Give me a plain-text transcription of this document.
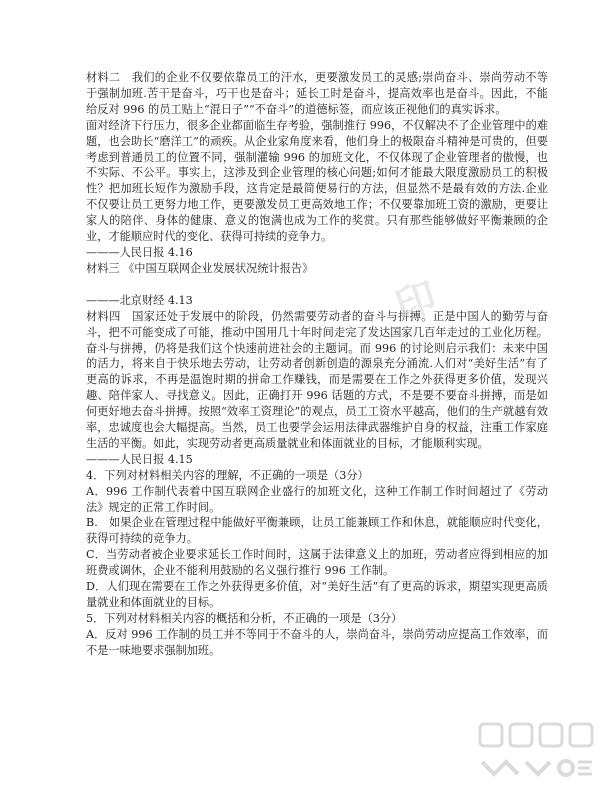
材料二　我们的企业不仅要依靠员工的汗水，更要激发员工的灵感;崇尚奋斗、崇尚劳动不等于强制加班.苦干是奋斗，巧干也是奋斗；延长工时是奋斗，提高效率也是奋斗。因此，不能给反对 996 的员工贴上“混日子”“不奋斗”的道德标签，而应该正视他们的真实诉求。

面对经济下行压力，很多企业都面临生存考验，强制推行 996，不仅解决不了企业管理中的难题，也会助长“磨洋工”的顽疾。从企业家角度来看，他们身上的极限奋斗精神是可贵的，但要考虑到普通员工的位置不同，强制灌输 996 的加班文化，不仅体现了企业管理者的傲慢，也不实际、不公平。事实上，这涉及到企业管理的核心问题;如何才能最大限度激励员工的积极性？把加班长短作为激励手段，这肯定是最简便易行的方法，但显然不是最有效的方法.企业不仅要让员工更努力地工作，更要激发员工更高效地工作；不仅要靠加班工资的激励，更要让家人的陪伴、身体的健康、意义的饱满也成为工作的奖赏。只有那些能够做好平衡兼顾的企业，才能顺应时代的变化、获得可持续的竞争力。

———人民日报 4.16

材料三 《中国互联网企业发展状况统计报告》

———北京财经 4.13

材料四　国家还处于发展中的阶段，仍然需要劳动者的奋斗与拼搏。正是中国人的勤劳与奋斗，把不可能变成了可能，推动中国用几十年时间走完了发达国家几百年走过的工业化历程。奋斗与拼搏，仍将是我们这个快速前进社会的主题词。而 996 的讨论则启示我们：未来中国的活力，将来自于快乐地去劳动，让劳动者创新创造的源泉充分涌流.人们对“美好生活”有了更高的诉求，不再是温饱时期的拼命工作赚钱，而是需要在工作之外获得更多价值，发现兴趣、陪伴家人、寻找意义。因此，正确打开 996 话题的方式，不是要不要奋斗拼搏，而是如何更好地去奋斗拼搏。按照“效率工资理论”的观点，员工工资水平越高，他们的生产就越有效率，忠诚度也会大幅提高。当然，员工也要学会运用法律武器维护自身的权益，注重工作家庭生活的平衡。如此，实现劳动者更高质量就业和体面就业的目标，才能顺利实现。

———人民日报 4.15

4．下列对材料相关内容的理解，不正确的一项是（3分）

A．996 工作制代表着中国互联网企业盛行的加班文化，这种工作制工作时间超过了《劳动法》规定的正常工作时间。

B.　如果企业在管理过程中能做好平衡兼顾，让员工能兼顾工作和休息，就能顺应时代变化，获得可持续的竞争力。

C．当劳动者被企业要求延长工作时间时，这属于法律意义上的加班，劳动者应得到相应的加班费或调休，企业不能利用鼓励的名义强行推行 996 工作制。

D．人们现在需要在工作之外获得更多价值，对“美好生活”有了更高的诉求，期望实现更高质量就业和体面就业的目标。

5．下列对材料相关内容的概括和分析，不正确的一项是（3分）

A．反对 996 工作制的员工并不等同于不奋斗的人，崇尚奋斗，崇尚劳动应提高工作效率，而不是一味地要求强制加班。

印
